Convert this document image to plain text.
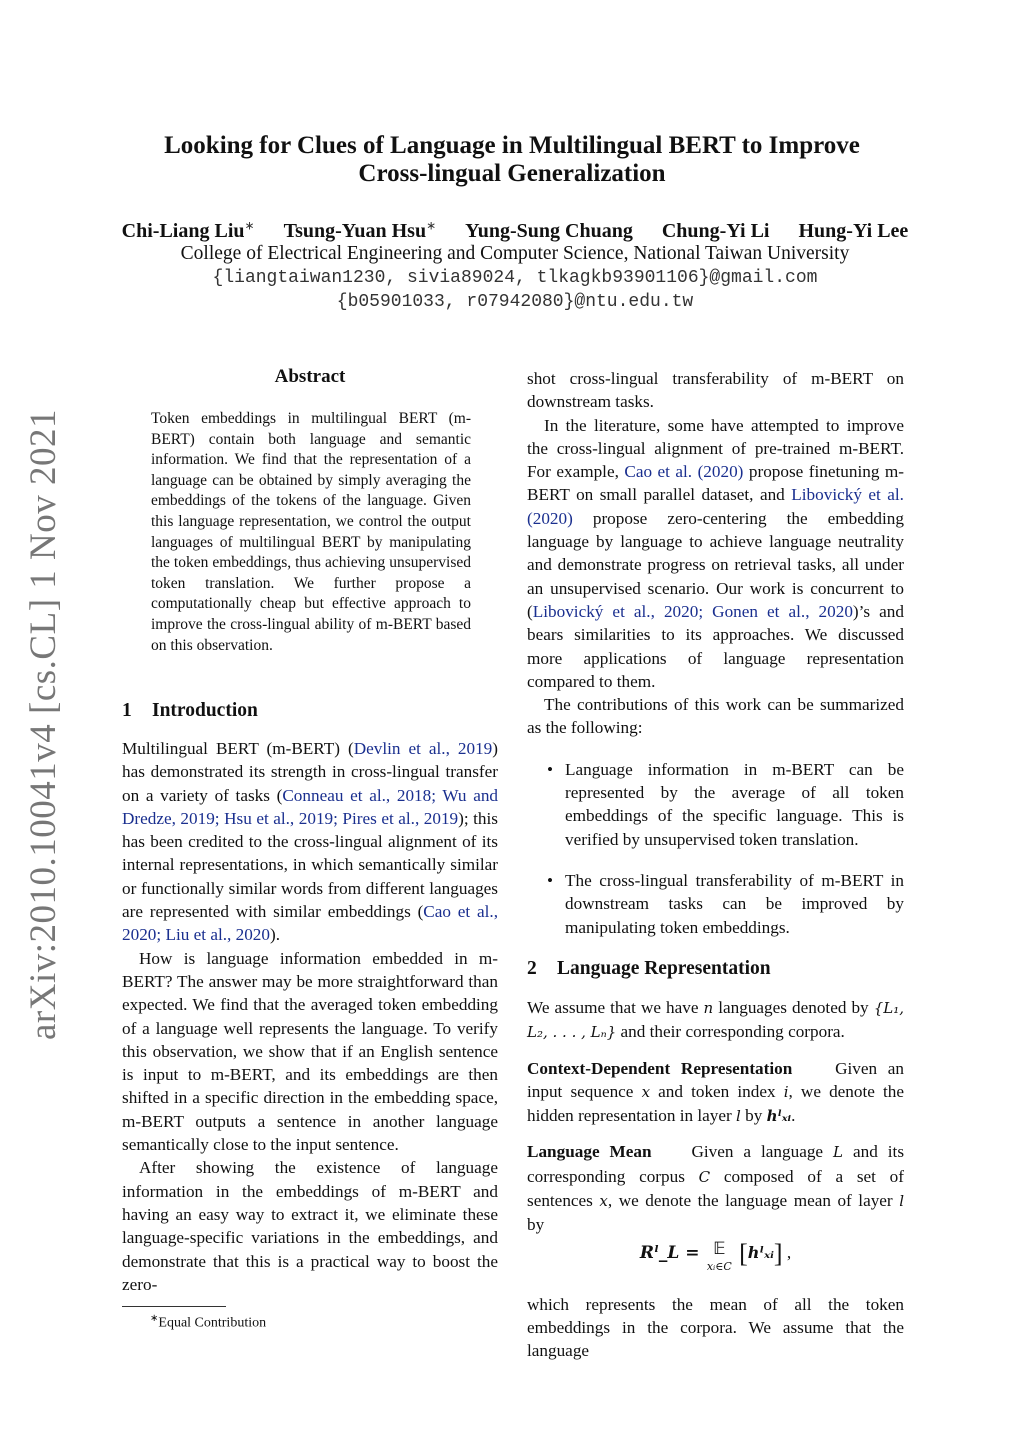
arXiv:2010.10041v4 [cs.CL] 1 Nov 2021
Looking for Clues of Language in Multilingual BERT to Improve
Cross-lingual Generalization
Chi-Liang Liu∗ Tsung-Yuan Hsu∗ Yung-Sung Chuang Chung-Yi Li Hung-Yi Lee
College of Electrical Engineering and Computer Science, National Taiwan University
{liangtaiwan1230, sivia89024, tlkagkb93901106}@gmail.com
{b05901033, r07942080}@ntu.edu.tw
Abstract
Token embeddings in multilingual BERT (m-BERT) contain both language and semantic information. We find that the representation of a language can be obtained by simply averaging the embeddings of the tokens of the language. Given this language representation, we control the output languages of multilingual BERT by manipulating the token embeddings, thus achieving unsupervised token translation. We further propose a computationally cheap but effective approach to improve the cross-lingual ability of m-BERT based on this observation.
1 Introduction

Multilingual BERT (m-BERT) (Devlin et al., 2019) has demonstrated its strength in cross-lingual transfer on a variety of tasks (Conneau et al., 2018; Wu and Dredze, 2019; Hsu et al., 2019; Pires et al., 2019); this has been credited to the cross-lingual alignment of its internal representations, in which semantically similar or functionally similar words from different languages are represented with similar embeddings (Cao et al., 2020; Liu et al., 2020).

How is language information embedded in m-BERT? The answer may be more straightforward than expected. We find that the averaged token embedding of a language well represents the language. To verify this observation, we show that if an English sentence is input to m-BERT, and its embeddings are then shifted in a specific direction in the embedding space, m-BERT outputs a sentence in another language semantically close to the input sentence.

After showing the existence of language information in the embeddings of m-BERT and having an easy way to extract it, we eliminate these language-specific variations in the embeddings, and demonstrate that this is a practical way to boost the zero-

∗Equal Contribution

shot cross-lingual transferability of m-BERT on downstream tasks.

In the literature, some have attempted to improve the cross-lingual alignment of pre-trained m-BERT. For example, Cao et al. (2020) propose finetuning m-BERT on small parallel dataset, and Libovický et al. (2020) propose zero-centering the embedding language by language to achieve language neutrality and demonstrate progress on retrieval tasks, all under an unsupervised scenario. Our work is concurrent to (Libovický et al., 2020; Gonen et al., 2020)’s and bears similarities to its approaches. We discussed more applications of language representation compared to them.

The contributions of this work can be summarized as the following:

• Language information in m-BERT can be represented by the average of all token embeddings of the specific language. This is verified by unsupervised token translation.

• The cross-lingual transferability of m-BERT in downstream tasks can be improved by manipulating token embeddings.

2 Language Representation

We assume that we have n languages denoted by {L₁, L₂, . . . , Lₙ} and their corresponding corpora.

Context-Dependent Representation Given an input sequence x and token index i, we denote the hidden representation in layer l by hˡₓᵢ.

Language Mean Given a language L and its corresponding corpus C composed of a set of sentences x, we denote the language mean of layer l by

Rˡ_L = 𝔼
xᵢ∈C [hˡₓᵢ] ,

which represents the mean of all the token embeddings in the corpora. We assume that the language
